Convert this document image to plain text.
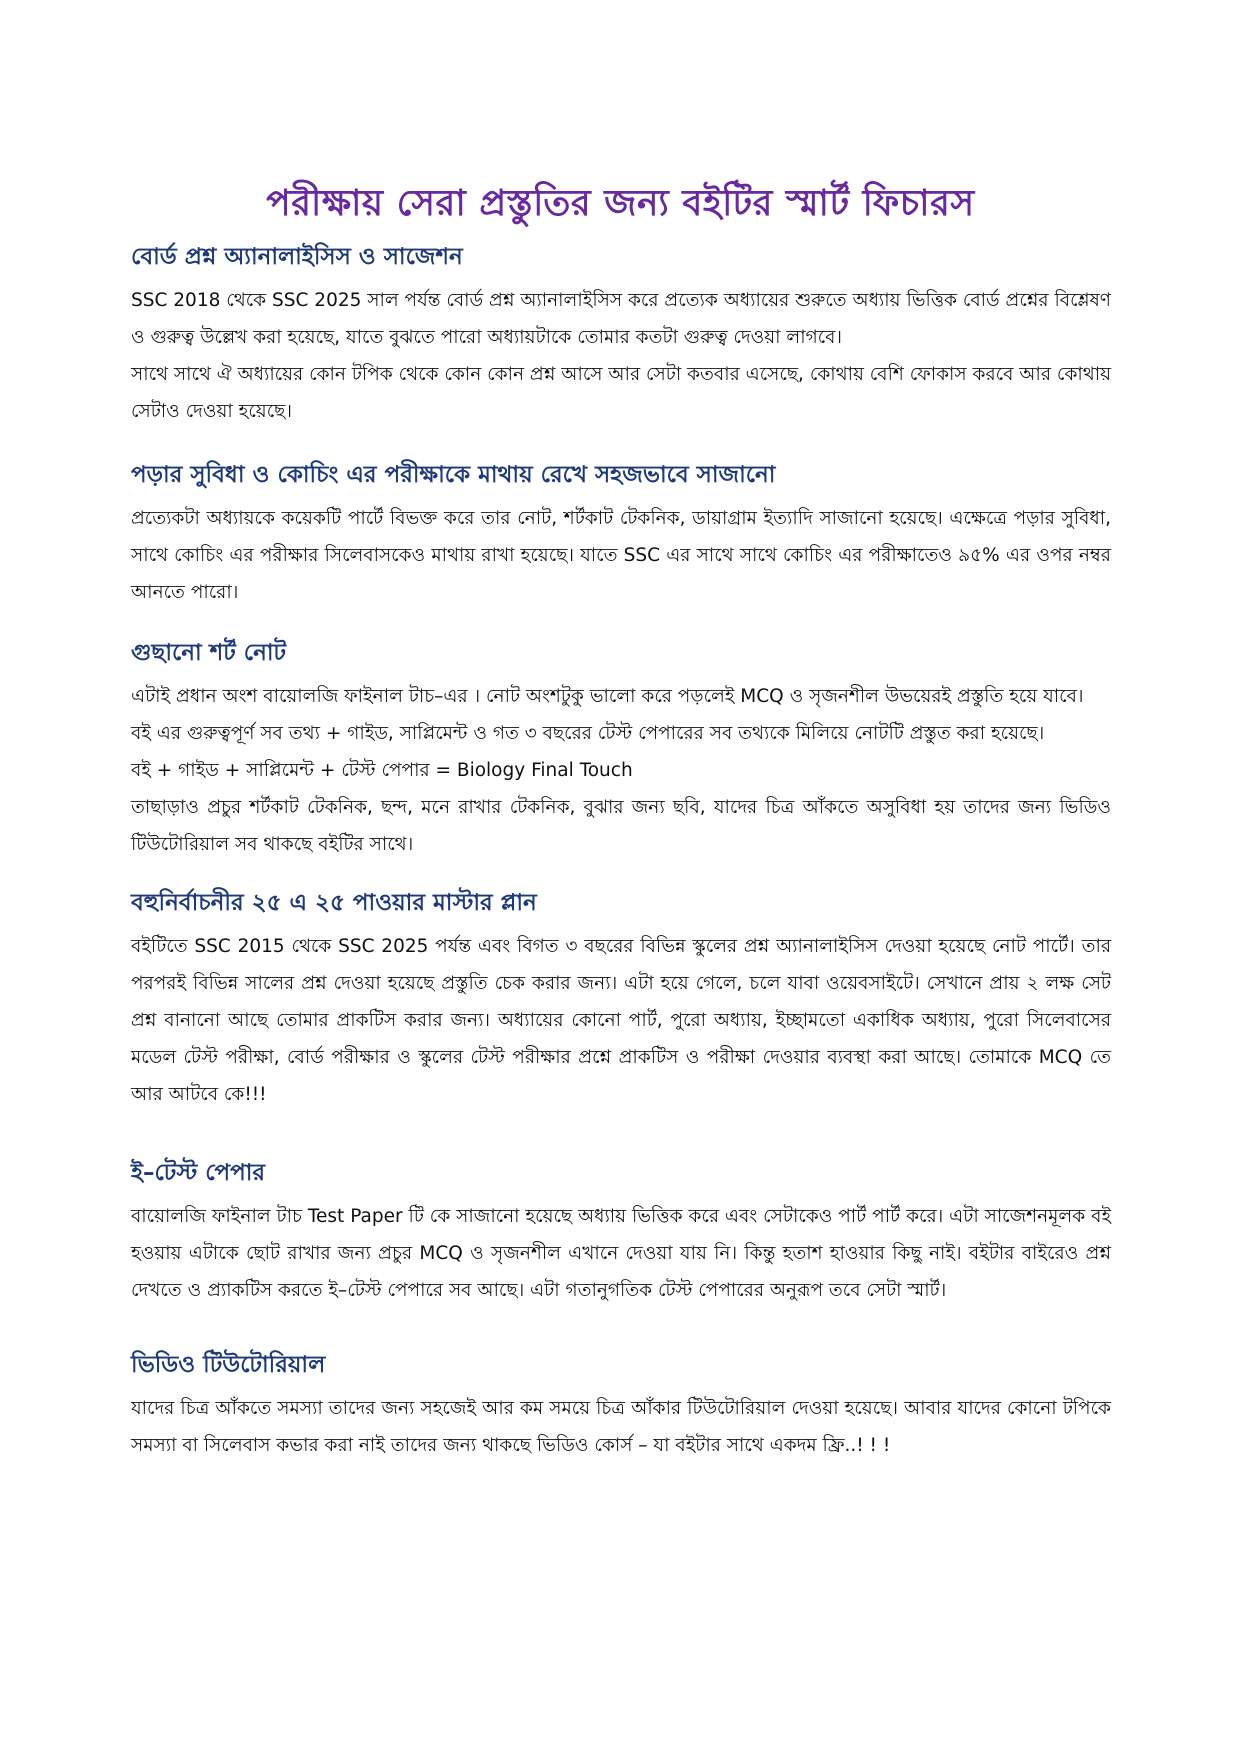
পরীক্ষায় সেরা প্রস্তুতির জন্য বইটির স্মার্ট ফিচারস
বোর্ড প্রশ্ন অ্যানালাইসিস ও সাজেশন

SSC 2018 থেকে SSC 2025 সাল পর্যন্ত বোর্ড প্রশ্ন অ্যানালাইসিস করে প্রত্যেক অধ্যায়ের শুরুতে অধ্যায় ভিত্তিক বোর্ড প্রশ্নের বিশ্লেষণ ও গুরুত্ব উল্লেখ করা হয়েছে, যাতে বুঝতে পারো অধ্যায়টাকে তোমার কতটা গুরুত্ব দেওয়া লাগবে।

সাথে সাথে ঐ অধ্যায়ের কোন টপিক থেকে কোন কোন প্রশ্ন আসে আর সেটা কতবার এসেছে, কোথায় বেশি ফোকাস করবে আর কোথায় সেটাও দেওয়া হয়েছে।

পড়ার সুবিধা ও কোচিং এর পরীক্ষাকে মাথায় রেখে সহজভাবে সাজানো

প্রত্যেকটা অধ্যায়কে কয়েকটি পার্টে বিভক্ত করে তার নোট, শর্টকাট টেকনিক, ডায়াগ্রাম ইত্যাদি সাজানো হয়েছে। এক্ষেত্রে পড়ার সুবিধা, সাথে কোচিং এর পরীক্ষার সিলেবাসকেও মাথায় রাখা হয়েছে। যাতে SSC এর সাথে সাথে কোচিং এর পরীক্ষাতেও ৯৫% এর ওপর নম্বর আনতে পারো।

গুছানো শর্ট নোট

এটাই প্রধান অংশ বায়োলজি ফাইনাল টাচ–এর । নোট অংশটুকু ভালো করে পড়লেই MCQ ও সৃজনশীল উভয়েরই প্রস্তুতি হয়ে যাবে।

বই এর গুরুত্বপূর্ণ সব তথ্য + গাইড, সাপ্লিমেন্ট ও গত ৩ বছরের টেস্ট পেপারের সব তথ্যকে মিলিয়ে নোটটি প্রস্তুত করা হয়েছে।

বই + গাইড + সাপ্লিমেন্ট + টেস্ট পেপার = Biology Final Touch

তাছাড়াও প্রচুর শর্টকাট টেকনিক, ছন্দ, মনে রাখার টেকনিক, বুঝার জন্য ছবি, যাদের চিত্র আঁকতে অসুবিধা হয় তাদের জন্য ভিডিও টিউটোরিয়াল সব থাকছে বইটির সাথে।

বহুনির্বাচনীর ২৫ এ ২৫ পাওয়ার মাস্টার প্লান

বইটিতে SSC 2015 থেকে SSC 2025 পর্যন্ত এবং বিগত ৩ বছরের বিভিন্ন স্কুলের প্রশ্ন অ্যানালাইসিস দেওয়া হয়েছে নোট পার্টে। তার পরপরই বিভিন্ন সালের প্রশ্ন দেওয়া হয়েছে প্রস্তুতি চেক করার জন্য। এটা হয়ে গেলে, চলে যাবা ওয়েবসাইটে। সেখানে প্রায় ২ লক্ষ সেট প্রশ্ন বানানো আছে তোমার প্রাকটিস করার জন্য। অধ্যায়ের কোনো পার্ট, পুরো অধ্যায়, ইচ্ছামতো একাধিক অধ্যায়, পুরো সিলেবাসের মডেল টেস্ট পরীক্ষা, বোর্ড পরীক্ষার ও স্কুলের টেস্ট পরীক্ষার প্রশ্নে প্রাকটিস ও পরীক্ষা দেওয়ার ব্যবস্থা করা আছে। তোমাকে MCQ তে আর আটবে কে!!!

ই–টেস্ট পেপার

বায়োলজি ফাইনাল টাচ Test Paper টি কে সাজানো হয়েছে অধ্যায় ভিত্তিক করে এবং সেটাকেও পার্ট পার্ট করে। এটা সাজেশনমূলক বই হওয়ায় এটাকে ছোট রাখার জন্য প্রচুর MCQ ও সৃজনশীল এখানে দেওয়া যায় নি। কিন্তু হতাশ হাওয়ার কিছু নাই। বইটার বাইরেও প্রশ্ন দেখতে ও প্র্যাকটিস করতে ই–টেস্ট পেপারে সব আছে। এটা গতানুগতিক টেস্ট পেপারের অনুরূপ তবে সেটা স্মার্ট।

ভিডিও টিউটোরিয়াল

যাদের চিত্র আঁকতে সমস্যা তাদের জন্য সহজেই আর কম সময়ে চিত্র আঁকার টিউটোরিয়াল দেওয়া হয়েছে। আবার যাদের কোনো টপিকে সমস্যা বা সিলেবাস কভার করা নাই তাদের জন্য থাকছে ভিডিও কোর্স – যা বইটার সাথে একদম ফ্রি..! ! !
